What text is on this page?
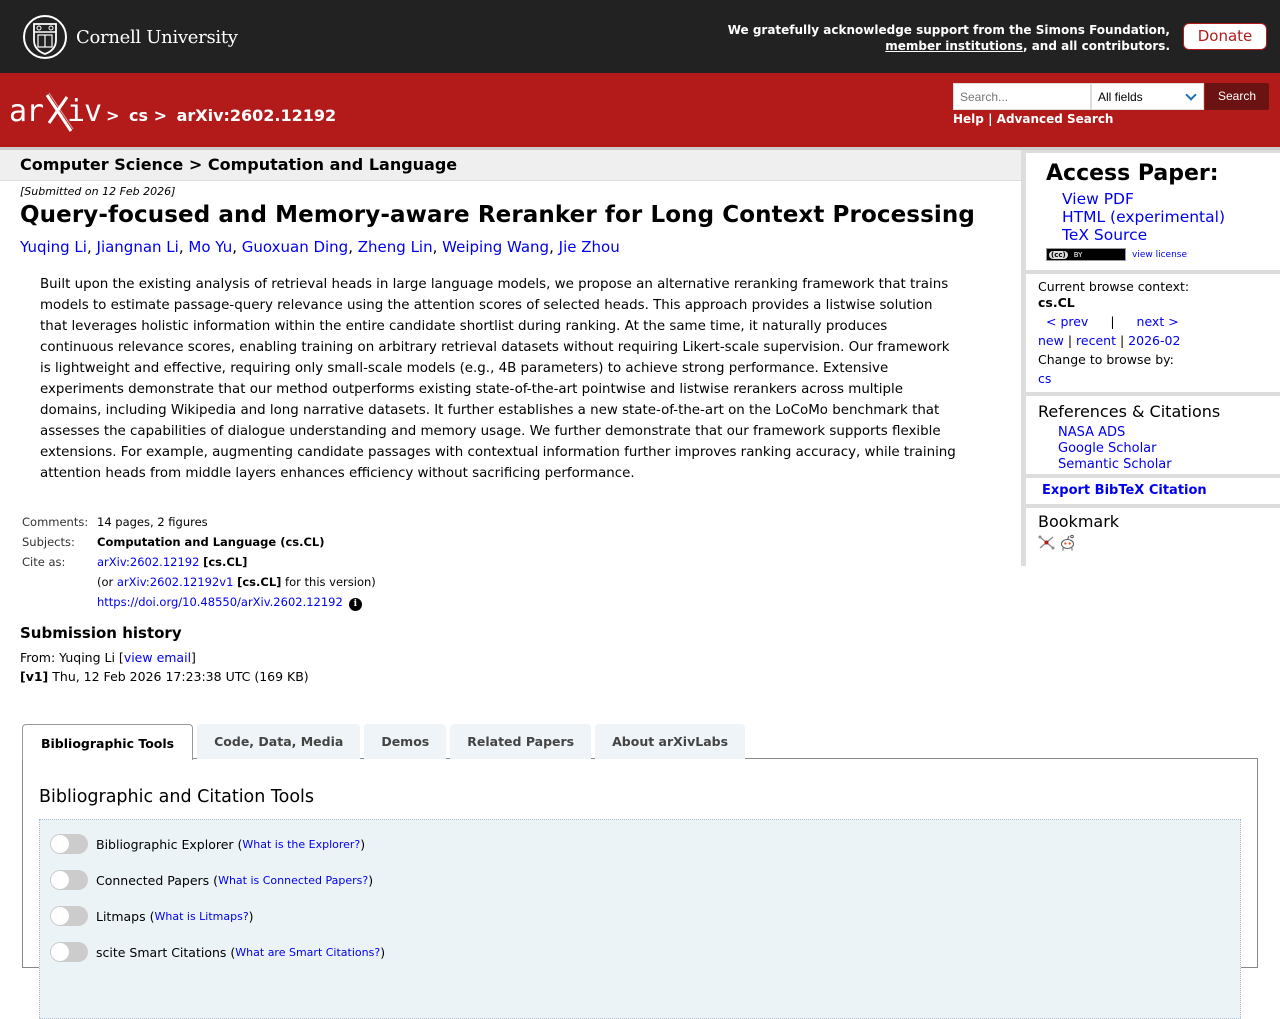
Cornell University	We gratefully acknowledge support from the Simons Foundation,
member institutions, and all contributors.
Donate
ar iv > cs > arXiv:2602.12192
Search...	All fields	Search
Help | Advanced Search
Computer Science > Computation and Language
[Submitted on 12 Feb 2026]
Query-focused and Memory-aware Reranker for Long Context Processing
Yuqing Li, Jiangnan Li, Mo Yu, Guoxuan Ding, Zheng Lin, Weiping Wang, Jie Zhou
Built upon the existing analysis of retrieval heads in large language models, we propose an alternative reranking framework that trains models to estimate passage-query relevance using the attention scores of selected heads. This approach provides a listwise solution that leverages holistic information within the entire candidate shortlist during ranking. At the same time, it naturally produces continuous relevance scores, enabling training on arbitrary retrieval datasets without requiring Likert-scale supervision. Our framework is lightweight and effective, requiring only small-scale models (e.g., 4B parameters) to achieve strong performance. Extensive experiments demonstrate that our method outperforms existing state-of-the-art pointwise and listwise rerankers across multiple domains, including Wikipedia and long narrative datasets. It further establishes a new state-of-the-art on the LoCoMo benchmark that assesses the capabilities of dialogue understanding and memory usage. We further demonstrate that our framework supports flexible extensions. For example, augmenting candidate passages with contextual information further improves ranking accuracy, while training attention heads from middle layers enhances efficiency without sacrificing performance.
Comments:	14 pages, 2 figures
Subjects:	Computation and Language (cs.CL)
Cite as:	arXiv:2602.12192 [cs.CL]
(or arXiv:2602.12192v1 [cs.CL] for this version)
https://doi.org/10.48550/arXiv.2602.12192 i
Submission history
From: Yuqing Li [view email]
[v1] Thu, 12 Feb 2026 17:23:38 UTC (169 KB)
Access Paper:
View PDF
HTML (experimental)
TeX Source
(cc) BY	view license
Current browse context:
cs.CL
< prev | next >
new | recent | 2026-02
Change to browse by:
cs
References & Citations
NASA ADS
Google Scholar
Semantic Scholar
Export BibTeX Citation
Bookmark
Bibliographic Tools	Code, Data, Media	Demos	Related Papers	About arXivLabs
Bibliographic and Citation Tools
Bibliographic Explorer ( What is the Explorer? )
Connected Papers ( What is Connected Papers? )
Litmaps ( What is Litmaps? )
scite Smart Citations ( What are Smart Citations? )
